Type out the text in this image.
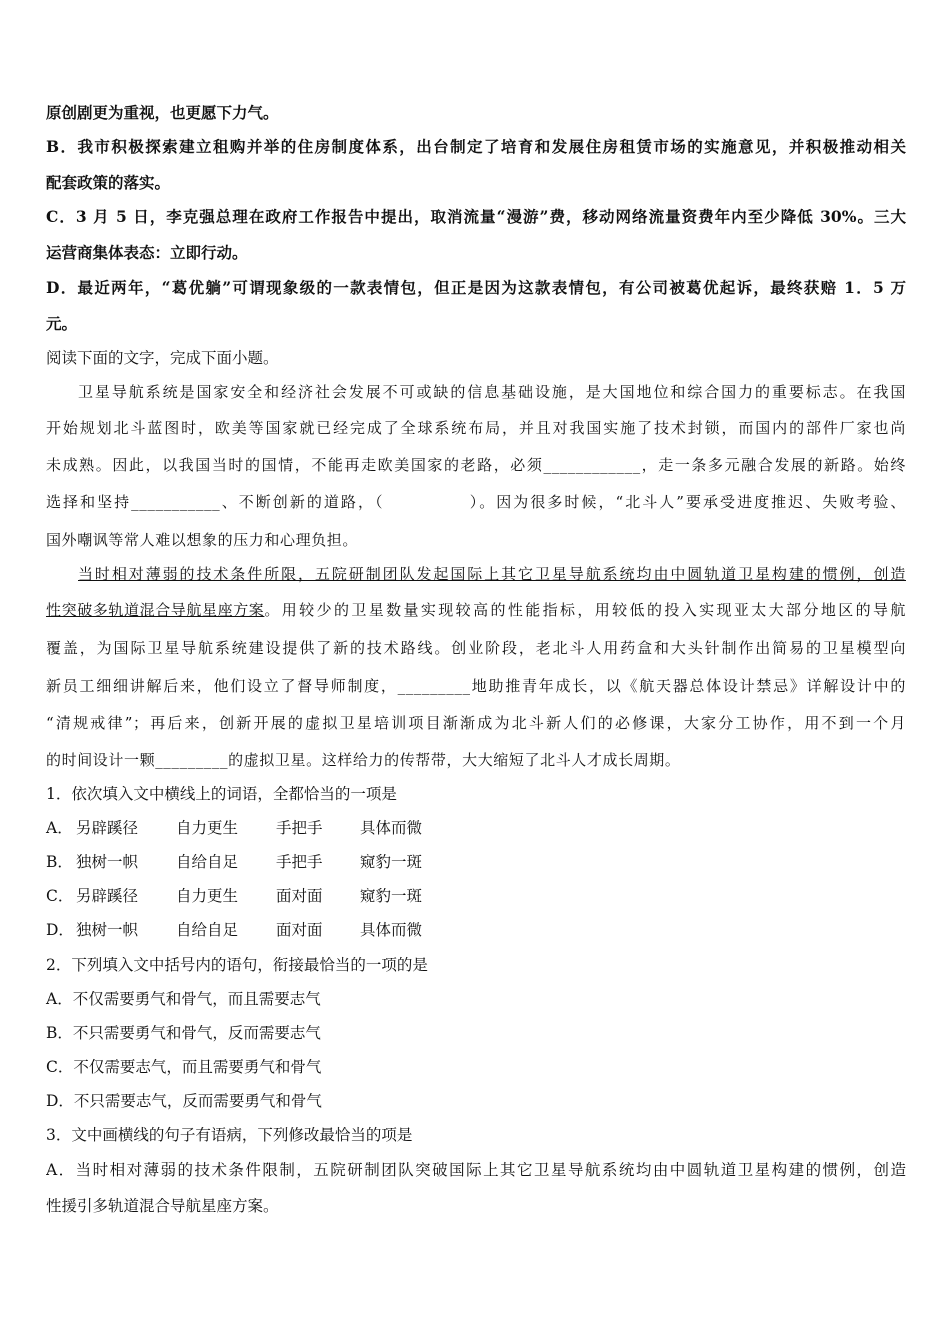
原创剧更为重视，也更愿下力气。
B．我市积极探索建立租购并举的住房制度体系，出台制定了培育和发展住房租赁市场的实施意见，并积极推动相关
配套政策的落实。
C．3 月 5 日，李克强总理在政府工作报告中提出，取消流量“漫游”费，移动网络流量资费年内至少降低 30%。三大
运营商集体表态：立即行动。
D．最近两年，“葛优躺”可谓现象级的一款表情包，但正是因为这款表情包，有公司被葛优起诉，最终获赔 1．5 万
元。
阅读下面的文字，完成下面小题。
卫星导航系统是国家安全和经济社会发展不可或缺的信息基础设施，是大国地位和综合国力的重要标志。在我国
开始规划北斗蓝图时，欧美等国家就已经完成了全球系统布局，并且对我国实施了技术封锁，而国内的部件厂家也尚
未成熟。因此，以我国当时的国情，不能再走欧美国家的老路，必须____________，走一条多元融合发展的新路。始终
选择和坚持___________、不断创新的道路，（　　　　　）。因为很多时候，“北斗人”要承受进度推迟、失败考验、
国外嘲讽等常人难以想象的压力和心理负担。
当时相对薄弱的技术条件所限，五院研制团队发起国际上其它卫星导航系统均由中圆轨道卫星构建的惯例，创造
性突破多轨道混合导航星座方案 。用较少的卫星数量实现较高的性能指标，用较低的投入实现亚太大部分地区的导航
覆盖，为国际卫星导航系统建设提供了新的技术路线。创业阶段，老北斗人用药盒和大头针制作出简易的卫星模型向
新员工细细讲解后来，他们设立了督导师制度，_________地助推青年成长，以《航天器总体设计禁忌》详解设计中的
“清规戒律”；再后来，创新开展的虚拟卫星培训项目渐渐成为北斗新人们的必修课，大家分工协作，用不到一个月
的时间设计一颗_________的虚拟卫星。这样给力的传帮带，大大缩短了北斗人才成长周期。
1．依次填入文中横线上的词语，全都恰当的一项是
A． 另辟蹊径 自力更生 手把手 具体而微
B． 独树一帜 自给自足 手把手 窥豹一斑
C． 另辟蹊径 自力更生 面对面 窥豹一斑
D． 独树一帜 自给自足 面对面 具体而微
2．下列填入文中括号内的语句，衔接最恰当的一项的是
A．不仅需要勇气和骨气，而且需要志气
B．不只需要勇气和骨气，反而需要志气
C．不仅需要志气，而且需要勇气和骨气
D．不只需要志气，反而需要勇气和骨气
3．文中画横线的句子有语病，下列修改最恰当的项是
A．当时相对薄弱的技术条件限制，五院研制团队突破国际上其它卫星导航系统均由中圆轨道卫星构建的惯例，创造
性援引多轨道混合导航星座方案。
